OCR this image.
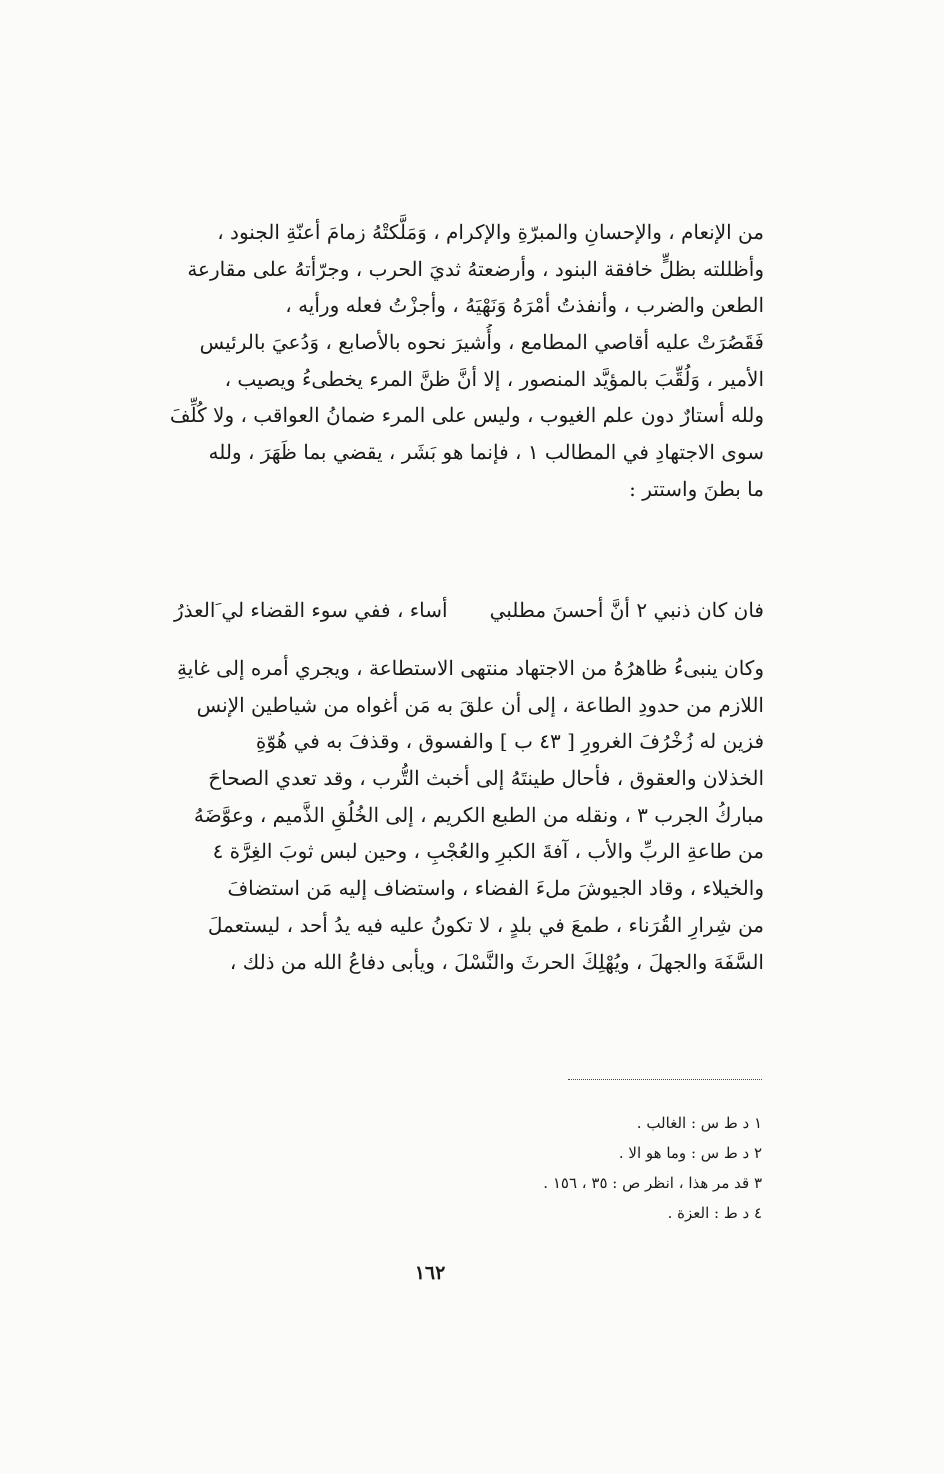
من الإنعام ، والإحسانِ والمبرّةِ والإكرام ، وَمَلَّكتْهُ زمامَ أعنّةِ الجنود ،
وأظللته بظلٍّ خافقة البنود ، وأرضعتهُ ثديَ الحرب ، وجرّأتهُ على مقارعة
الطعن والضرب ، وأنفذتُ أمْرَهُ وَنَهْيَهُ ، وأجزْتُ فعله ورأيه ،
فَقَصُرَتْ عليه أقاصي المطامع ، وأُشيرَ نحوه بالأصابع ، وَدُعيَ بالرئيس
الأمير ، وَلُقِّبَ بالمؤيَّد المنصور ، إلا أنَّ ظنَّ المرء يخطىءُ ويصيب ،
ولله أستارٌ دون علم الغيوب ، وليس على المرء ضمانُ العواقب ، ولا كُلِّفَ
سوى الاجتهادِ في المطالب ١ ، فإنما هو بَشَر ، يقضي بما ظَهَرَ ، ولله
ما بطنَ واستتر :
فان كان ذنبي ٢ أنَّ أحسنَ مطلبيأساء ، ففي سوء القضاء لي َالعذرُ
وكان ينبىءُ ظاهرُهُ من الاجتهاد منتهى الاستطاعة ، ويجري أمره إلى غايةِ
اللازم من حدودِ الطاعة ، إلى أن علقَ به مَن أغواه من شياطين الإنس
فزين له زُخْرُفَ الغرورِ [ ٤٣ ب ] والفسوق ، وقذفَ به في هُوّةِ
الخذلان والعقوق ، فأحال طينتَهُ إلى أخبث التُّرب ، وقد تعدي الصحاحَ
مباركُ الجرب ٣ ، ونقله من الطبع الكريم ، إلى الخُلُقِ الذَّميم ، وعوَّضَهُ
من طاعةِ الربِّ والأب ، آفةَ الكبرِ والعُجْبِ ، وحين لبس ثوبَ الغِرَّة ٤
والخيلاء ، وقاد الجيوشَ ملءَ الفضاء ، واستضاف إليه مَن استضافَ
من شِرارِ القُرَناء ، طمعَ في بلدٍ ، لا تكونُ عليه فيه يدُ أحد ، ليستعملَ
السَّفَهَ والجهلَ ، ويُهْلِكَ الحرثَ والنَّسْلَ ، ويأبى دفاعُ الله من ذلك ،
١ د ط س : الغالب .
٢ د ط س : وما هو الا .
٣ قد مر هذا ، انظر ص : ٣٥ ، ١٥٦ .
٤ د ط : العزة .
١٦٢
